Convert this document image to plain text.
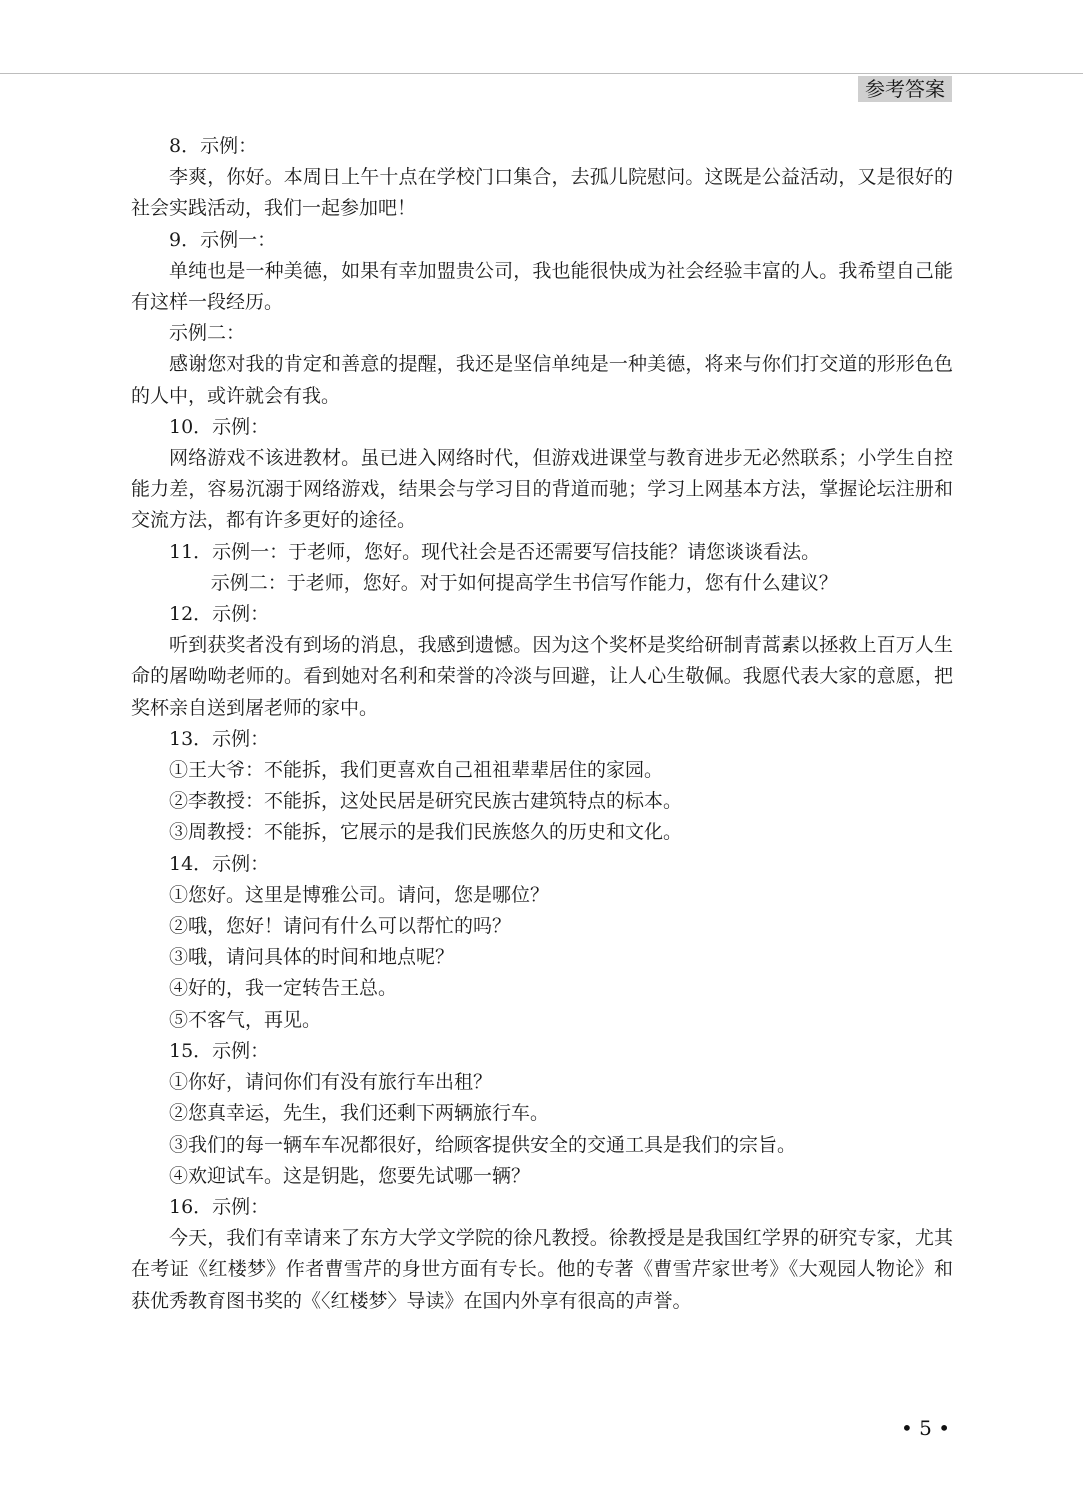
参考答案

8．示例：

李爽，你好。本周日上午十点在学校门口集合，去孤儿院慰问。这既是公益活动，又是很好的社会实践活动，我们一起参加吧！

9．示例一：

单纯也是一种美德，如果有幸加盟贵公司，我也能很快成为社会经验丰富的人。我希望自己能有这样一段经历。

示例二：

感谢您对我的肯定和善意的提醒，我还是坚信单纯是一种美德，将来与你们打交道的形形色色的人中，或许就会有我。

10．示例：

网络游戏不该进教材。虽已进入网络时代，但游戏进课堂与教育进步无必然联系；小学生自控能力差，容易沉溺于网络游戏，结果会与学习目的背道而驰；学习上网基本方法，掌握论坛注册和交流方法，都有许多更好的途径。

11．示例一：于老师，您好。现代社会是否还需要写信技能？请您谈谈看法。

示例二：于老师，您好。对于如何提高学生书信写作能力，您有什么建议？

12．示例：

听到获奖者没有到场的消息，我感到遗憾。因为这个奖杯是奖给研制青蒿素以拯救上百万人生命的屠呦呦老师的。看到她对名利和荣誉的冷淡与回避，让人心生敬佩。我愿代表大家的意愿，把奖杯亲自送到屠老师的家中。

13．示例：

①王大爷：不能拆，我们更喜欢自己祖祖辈辈居住的家园。

②李教授：不能拆，这处民居是研究民族古建筑特点的标本。

③周教授：不能拆，它展示的是我们民族悠久的历史和文化。

14．示例：

①您好。这里是博雅公司。请问，您是哪位？

②哦，您好！请问有什么可以帮忙的吗？

③哦，请问具体的时间和地点呢？

④好的，我一定转告王总。

⑤不客气，再见。

15．示例：

①你好，请问你们有没有旅行车出租？

②您真幸运，先生，我们还剩下两辆旅行车。

③我们的每一辆车车况都很好，给顾客提供安全的交通工具是我们的宗旨。

④欢迎试车。这是钥匙，您要先试哪一辆？

16．示例：

今天，我们有幸请来了东方大学文学院的徐凡教授。徐教授是是我国红学界的研究专家，尤其在考证《红楼梦》作者曹雪芹的身世方面有专长。他的专著《曹雪芹家世考》《大观园人物论》和获优秀教育图书奖的《〈红楼梦〉导读》在国内外享有很高的声誉。

• 5 •
